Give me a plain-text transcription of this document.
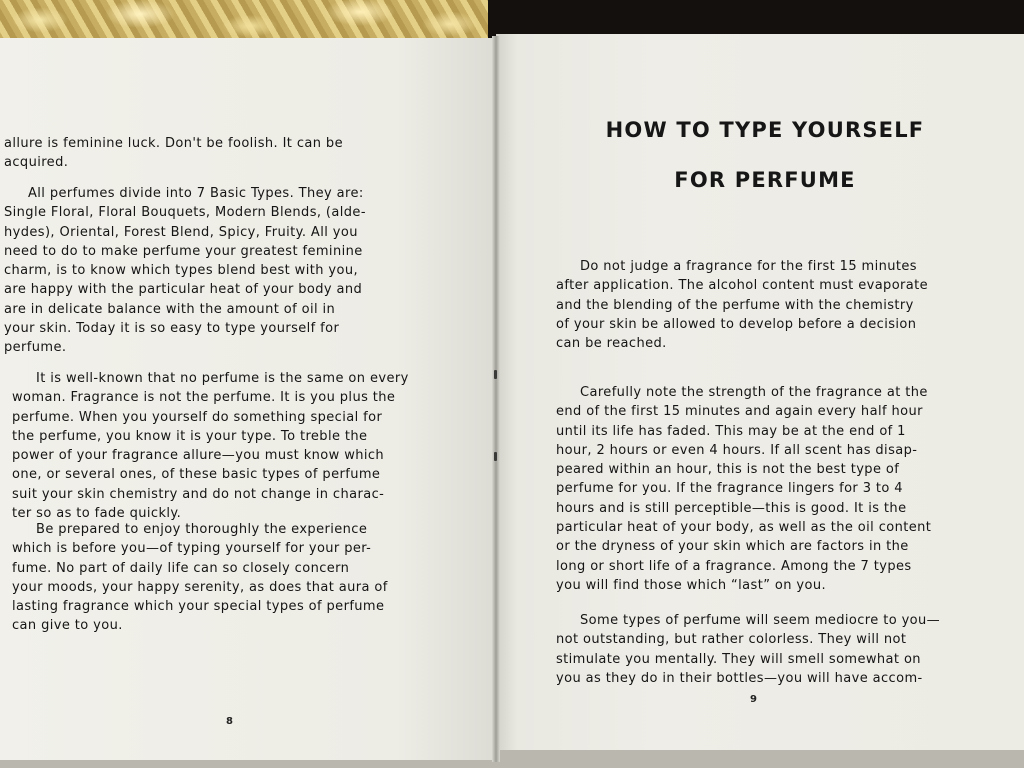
allure is feminine luck. Don't be foolish. It can be
acquired.
All perfumes divide into 7 Basic Types. They are:
Single Floral, Floral Bouquets, Modern Blends, (alde-
hydes), Oriental, Forest Blend, Spicy, Fruity. All you
need to do to make perfume your greatest feminine
charm, is to know which types blend best with you,
are happy with the particular heat of your body and
are in delicate balance with the amount of oil in
your skin. Today it is so easy to type yourself for
perfume.
It is well-known that no perfume is the same on every
woman. Fragrance is not the perfume. It is you plus the
perfume. When you yourself do something special for
the perfume, you know it is your type. To treble the
power of your fragrance allure—you must know which
one, or several ones, of these basic types of perfume
suit your skin chemistry and do not change in charac-
ter so as to fade quickly.
Be prepared to enjoy thoroughly the experience
which is before you—of typing yourself for your per-
fume. No part of daily life can so closely concern
your moods, your happy serenity, as does that aura of
lasting fragrance which your special types of perfume
can give to you.
8
HOW TO TYPE YOURSELF
FOR PERFUME
Do not judge a fragrance for the first 15 minutes
after application. The alcohol content must evaporate
and the blending of the perfume with the chemistry
of your skin be allowed to develop before a decision
can be reached.
Carefully note the strength of the fragrance at the
end of the first 15 minutes and again every half hour
until its life has faded. This may be at the end of 1
hour, 2 hours or even 4 hours. If all scent has disap-
peared within an hour, this is not the best type of
perfume for you. If the fragrance lingers for 3 to 4
hours and is still perceptible—this is good. It is the
particular heat of your body, as well as the oil content
or the dryness of your skin which are factors in the
long or short life of a fragrance. Among the 7 types
you will find those which “last” on you.
Some types of perfume will seem mediocre to you—
not outstanding, but rather colorless. They will not
stimulate you mentally. They will smell somewhat on
you as they do in their bottles—you will have accom-
9
